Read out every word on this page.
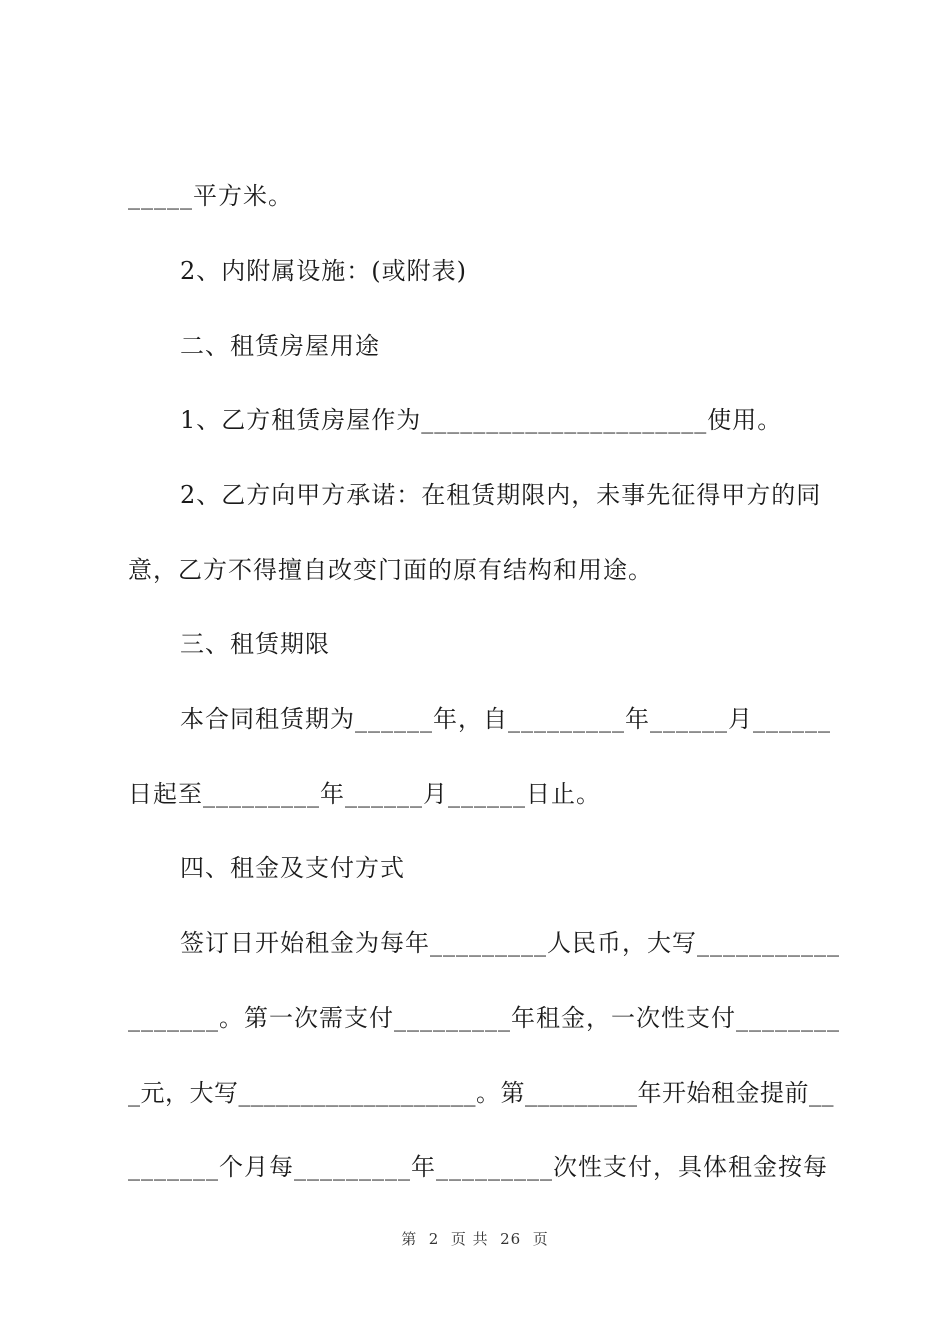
_____平方米。
2、内附属设施：(或附表)
二、租赁房屋用途
1、乙方租赁房屋作为______________________使用。
2、乙方向甲方承诺：在租赁期限内，未事先征得甲方的同
意，乙方不得擅自改变门面的原有结构和用途。
三、租赁期限
本合同租赁期为______年，自_________年______月______
日起至_________年______月______日止。
四、租金及支付方式
签订日开始租金为每年_________人民币，大写___________
_______。第一次需支付_________年租金，一次性支付________
_元，大写___________________。第_________年开始租金提前__
_______个月每_________年_________次性支付，具体租金按每
第  2  页 共  26  页
